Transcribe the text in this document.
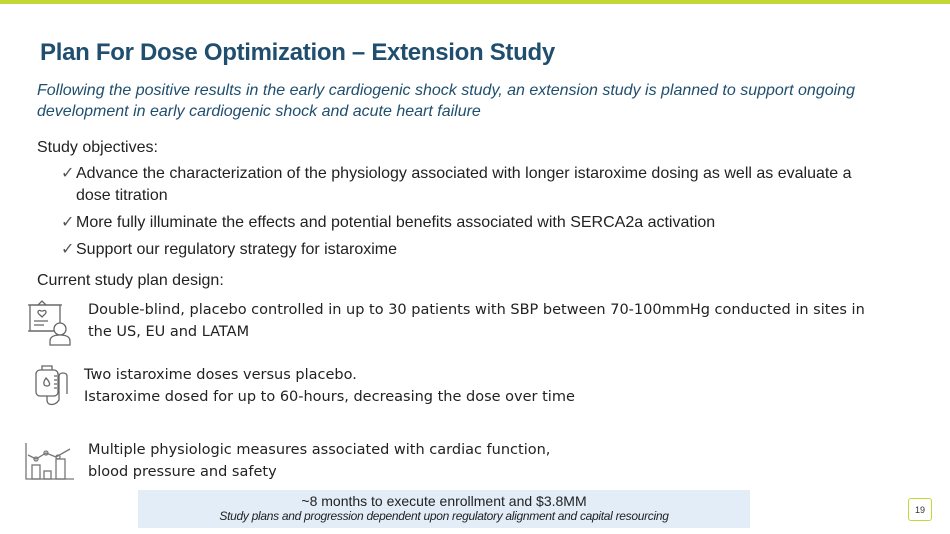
Plan For Dose Optimization – Extension Study
Following the positive results in the early cardiogenic shock study, an extension study is planned to support ongoing development in early cardiogenic shock and acute heart failure
Study objectives:
✓ Advance the characterization of the physiology associated with longer istaroxime dosing as well as evaluate a dose titration
✓ More fully illuminate the effects and potential benefits associated with SERCA2a activation
✓ Support our regulatory strategy for istaroxime
Current study plan design:
Double-blind, placebo controlled in up to 30 patients with SBP between 70-100mmHg conducted in sites in
the US, EU and LATAM
Two istaroxime doses versus placebo.
Istaroxime dosed for up to 60-hours, decreasing the dose over time
Multiple physiologic measures associated with cardiac function,
blood pressure and safety
~8 months to execute enrollment and $3.8MM
Study plans and progression dependent upon regulatory alignment and capital resourcing	19
